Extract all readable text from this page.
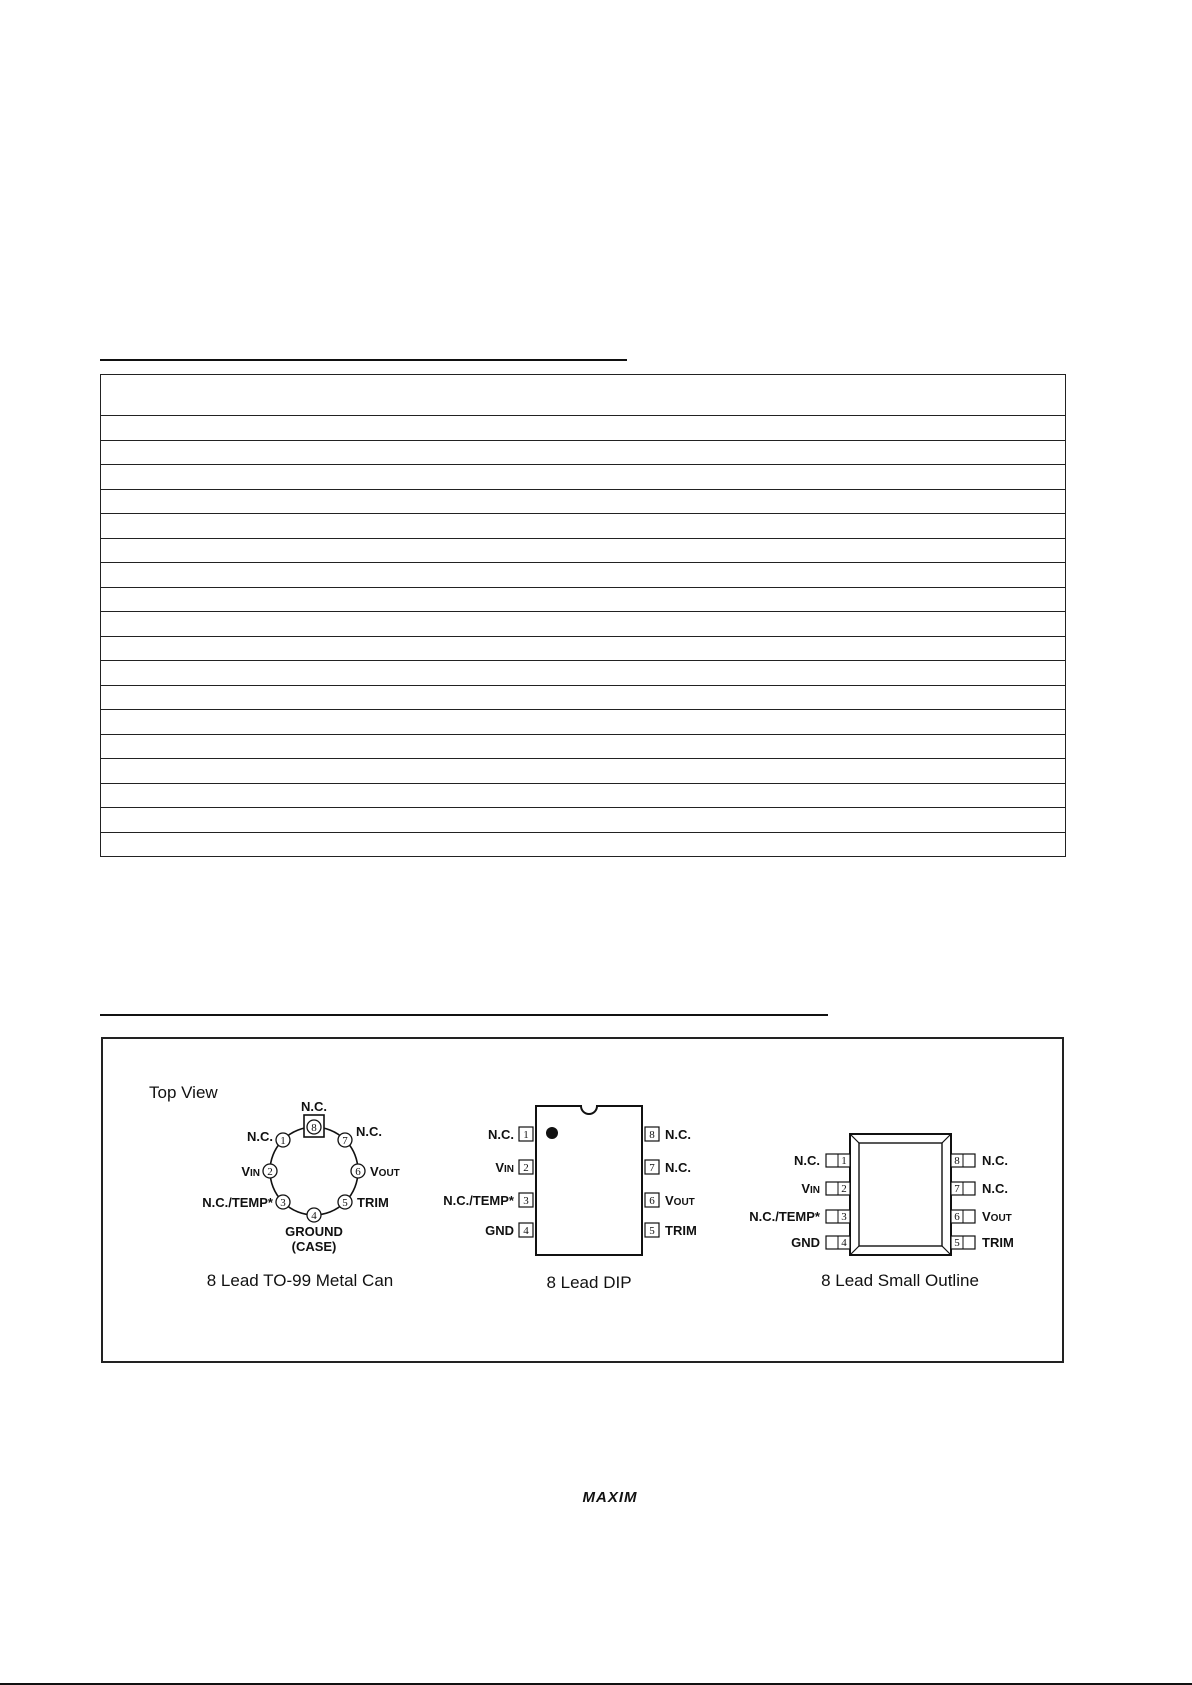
Top View
8
N.C.
7
N.C.
6 VOUT
5 TRIM
4
GROUND
(CASE)
3
N.C./TEMP*
2
VIN
1
N.C.
8 Lead TO-99 Metal Can
1
N.C.
2
VIN
3
N.C./TEMP*
4
GND
8 N.C.
7 N.C.
6 VOUT
5 TRIM
8 Lead DIP
1
N.C.
2
VIN
3
N.C./TEMP*
4
GND
8 N.C.
7 N.C.
6 VOUT
5 TRIM
8 Lead Small Outline
MAXIM
